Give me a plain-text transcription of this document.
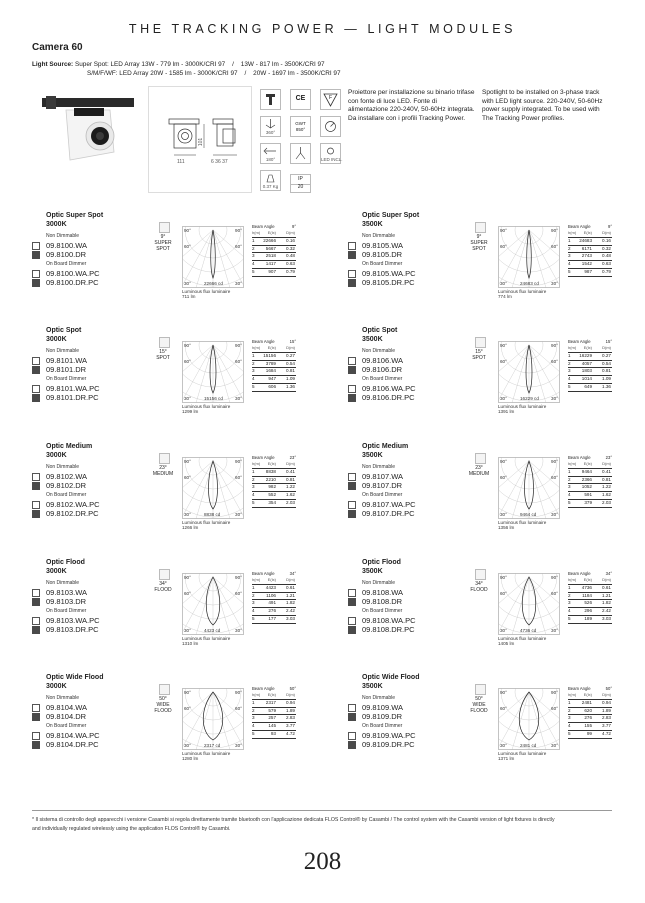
THE TRACKING POWER — LIGHT MODULES
Camera 60
Light Source: Super Spot: LED Array 13W - 779 lm - 3000K/CRI 97 / 13W - 817 lm - 3500K/CRI 97
S/M/F/WF: LED Array 20W - 1585 lm - 3000K/CRI 97 / 20W - 1697 lm - 3500K/CRI 97
111	6 36 37
101
CE	F
360°
GWT 850°
180°	LED INCL.
0.37 Kg
IP
20
Proiettore per installazione su binario trifase con fonte di luce LED. Fonte di alimentazione 220-240V, 50-60Hz integrata. Da installare con i profili Tracking Power.
Spotlight to be installed on 3-phase track with LED light source. 220-240V, 50-60Hz power supply integrated. To be used with The Tracking Power profiles.
Optic Super Spot
3000K
Non Dimmable
09.8100.WA
09.8100.DR
On Board Dimmer
09.8100.WA.PC
09.8100.DR.PC
9°
SUPER SPOT
90°	90°
60°	60°
30°	30°
22666 cd
Luminous flux luminaire
711 lm
Beam Angle	9°
h(m)	E(lx)	D(m)
1	22666	0.16
2	5667	0.32
3	2518	0.48
4	1417	0.63
5	907	0.79
Optic Super Spot
3500K
Non Dimmable
09.8105.WA
09.8105.DR
On Board Dimmer
09.8105.WA.PC
09.8105.DR.PC
9°
SUPER SPOT
90°	90°
60°	60°
30°	30°
24683 cd
Luminous flux luminaire
774 lm
Beam Angle	9°
h(m)	E(lx)	D(m)
1	24683	0.16
2	6171	0.32
3	2743	0.48
4	1542	0.63
5	987	0.79
Optic Spot
3000K
Non Dimmable
09.8101.WA
09.8101.DR
On Board Dimmer
09.8101.WA.PC
09.8101.DR.PC
15°
SPOT
90°	90°
60°	60°
30°	30°
15156 cd
Luminous flux luminaire
1299 lm
Beam Angle	15°
h(m)	E(lx)	D(m)
1	15156	0.27
2	3789	0.54
3	1684	0.81
4	947	1.09
5	606	1.36
Optic Spot
3500K
Non Dimmable
09.8106.WA
09.8106.DR
On Board Dimmer
09.8106.WA.PC
09.8106.DR.PC
15°
SPOT
90°	90°
60°	60°
30°	30°
16229 cd
Luminous flux luminaire
1391 lm
Beam Angle	15°
h(m)	E(lx)	D(m)
1	16229	0.27
2	4057	0.54
3	1803	0.81
4	1014	1.09
5	649	1.36
Optic Medium
3000K
Non Dimmable
09.8102.WA
09.8102.DR
On Board Dimmer
09.8102.WA.PC
09.8102.DR.PC
23°
MEDIUM
90°	90°
60°	60°
30°	30°
8838 cd
Luminous flux luminaire
1266 lm
Beam Angle	23°
h(m)	E(lx)	D(m)
1	8838	0.41
2	2210	0.81
3	982	1.22
4	552	1.62
5	354	2.03
Optic Medium
3500K
Non Dimmable
09.8107.WA
09.8107.DR
On Board Dimmer
09.8107.WA.PC
09.8107.DR.PC
23°
MEDIUM
90°	90°
60°	60°
30°	30°
9464 cd
Luminous flux luminaire
1356 lm
Beam Angle	23°
h(m)	E(lx)	D(m)
1	9464	0.41
2	2366	0.81
3	1052	1.22
4	591	1.62
5	379	2.03
Optic Flood
3000K
Non Dimmable
09.8103.WA
09.8103.DR
On Board Dimmer
09.8103.WA.PC
09.8103.DR.PC
34°
FLOOD
90°	90°
60°	60°
30°	30°
4423 cd
Luminous flux luminaire
1310 lm
Beam Angle	34°
h(m)	E(lx)	D(m)
1	4423	0.61
2	1106	1.21
3	491	1.82
4	276	2.42
5	177	3.03
Optic Flood
3500K
Non Dimmable
09.8108.WA
09.8108.DR
On Board Dimmer
09.8108.WA.PC
09.8108.DR.PC
34°
FLOOD
90°	90°
60°	60°
30°	30°
4736 cd
Luminous flux luminaire
1405 lm
Beam Angle	34°
h(m)	E(lx)	D(m)
1	4736	0.61
2	1184	1.21
3	526	1.82
4	296	2.42
5	189	3.03
Optic Wide Flood
3000K
Non Dimmable
09.8104.WA
09.8104.DR
On Board Dimmer
09.8104.WA.PC
09.8104.DR.PC
50°
WIDE FLOOD
90°	90°
60°	60°
30°	30°
2317 cd
Luminous flux luminaire
1280 lm
Beam Angle	50°
h(m)	E(lx)	D(m)
1	2317	0.94
2	579	1.89
3	257	2.83
4	145	3.77
5	93	4.72
Optic Wide Flood
3500K
Non Dimmable
09.8109.WA
09.8109.DR
On Board Dimmer
09.8109.WA.PC
09.8109.DR.PC
50°
WIDE FLOOD
90°	90°
60°	60°
30°	30°
2481 cd
Luminous flux luminaire
1371 lm
Beam Angle	50°
h(m)	E(lx)	D(m)
1	2481	0.94
2	620	1.89
3	276	2.83
4	155	3.77
5	99	4.72
* Il sistema di controllo degli apparecchi i versione Casambi si regola direttamente tramite bluetooth con l'applicazione dedicata FLOS Control® by Casambi / The control system with the Casambi version of light fixtures is directly
and individually regulated wirelessly using the application FLOS Control® by Casambi.
208
